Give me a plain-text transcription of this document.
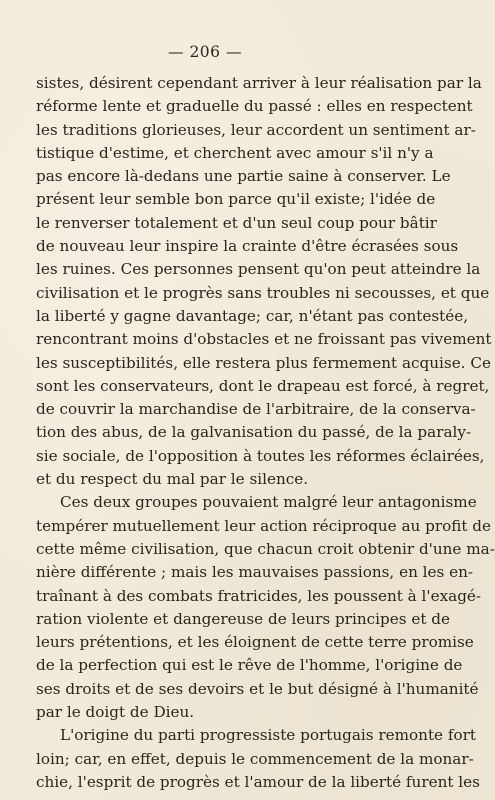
— 206 —
sistes, désirent cependant arriver à leur réalisation par la
réforme lente et graduelle du passé : elles en respectent
les traditions glorieuses, leur accordent un sentiment ar-
tistique d'estime, et cherchent avec amour s'il n'y a
pas encore là-dedans une partie saine à conserver. Le
présent leur semble bon parce qu'il existe; l'idée de
le renverser totalement et d'un seul coup pour bâtir
de nouveau leur inspire la crainte d'être écrasées sous
les ruines. Ces personnes pensent qu'on peut atteindre la
civilisation et le progrès sans troubles ni secousses, et que
la liberté y gagne davantage; car, n'étant pas contestée,
rencontrant moins d'obstacles et ne froissant pas vivement
les susceptibilités, elle restera plus fermement acquise. Ce
sont les conservateurs, dont le drapeau est forcé, à regret,
de couvrir la marchandise de l'arbitraire, de la conserva-
tion des abus, de la galvanisation du passé, de la paraly-
sie sociale, de l'opposition à toutes les réformes éclairées,
et du respect du mal par le silence.
Ces deux groupes pouvaient malgré leur antagonisme
tempérer mutuellement leur action réciproque au profit de
cette même civilisation, que chacun croit obtenir d'une ma-
nière différente ; mais les mauvaises passions, en les en-
traînant à des combats fratricides, les poussent à l'exagé-
ration violente et dangereuse de leurs principes et de
leurs prétentions, et les éloignent de cette terre promise
de la perfection qui est le rêve de l'homme, l'origine de
ses droits et de ses devoirs et le but désigné à l'humanité
par le doigt de Dieu.
L'origine du parti progressiste portugais remonte fort
loin; car, en effet, depuis le commencement de la monar-
chie, l'esprit de progrès et l'amour de la liberté furent les
